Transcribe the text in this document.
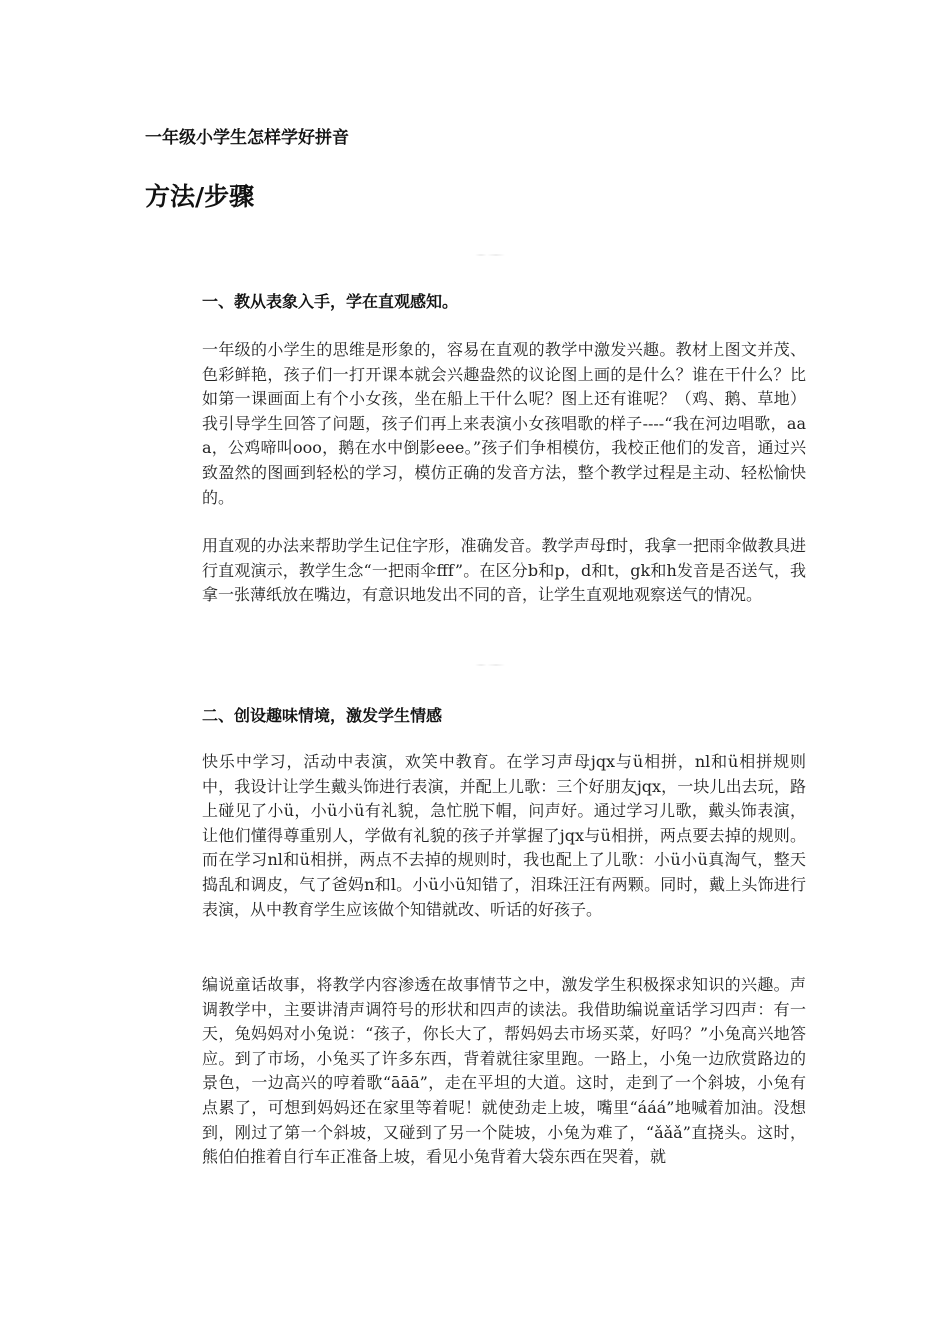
一年级小学生怎样学好拼音
方法/步骤
一、教从表象入手，学在直观感知。

一年级的小学生的思维是形象的，容易在直观的教学中激发兴趣。教材上图文并茂、色彩鲜艳，孩子们一打开课本就会兴趣盎然的议论图上画的是什么？谁在干什么？比如第一课画面上有个小女孩，坐在船上干什么呢？图上还有谁呢？（鸡、鹅、草地）我引导学生回答了问题，孩子们再上来表演小女孩唱歌的样子----“我在河边唱歌，aaa，公鸡啼叫ooo，鹅在水中倒影eee。”孩子们争相模仿，我校正他们的发音，通过兴致盈然的图画到轻松的学习，模仿正确的发音方法，整个教学过程是主动、轻松愉快的。

用直观的办法来帮助学生记住字形，准确发音。教学声母f时，我拿一把雨伞做教具进行直观演示，教学生念“一把雨伞fff”。在区分b和p，d和t，gk和h发音是否送气，我拿一张薄纸放在嘴边，有意识地发出不同的音，让学生直观地观察送气的情况。

二、创设趣味情境，激发学生情感

快乐中学习，活动中表演，欢笑中教育。在学习声母jqx与ü相拼，nl和ü相拼规则中，我设计让学生戴头饰进行表演，并配上儿歌：三个好朋友jqx，一块儿出去玩，路上碰见了小ü，小ü小ü有礼貌，急忙脱下帽，问声好。通过学习儿歌，戴头饰表演，让他们懂得尊重别人，学做有礼貌的孩子并掌握了jqx与ü相拼，两点要去掉的规则。而在学习nl和ü相拼，两点不去掉的规则时，我也配上了儿歌：小ü小ü真淘气，整天捣乱和调皮，气了爸妈n和l。小ü小ü知错了，泪珠汪汪有两颗。同时，戴上头饰进行表演，从中教育学生应该做个知错就改、听话的好孩子。

编说童话故事，将教学内容渗透在故事情节之中，激发学生积极探求知识的兴趣。声调教学中，主要讲清声调符号的形状和四声的读法。我借助编说童话学习四声：有一天，兔妈妈对小兔说：“孩子，你长大了，帮妈妈去市场买菜，好吗？”小兔高兴地答应。到了市场，小兔买了许多东西，背着就往家里跑。一路上，小兔一边欣赏路边的景色，一边高兴的哼着歌“āāā”，走在平坦的大道。这时，走到了一个斜坡，小兔有点累了，可想到妈妈还在家里等着呢！就使劲走上坡，嘴里“ááá”地喊着加油。没想到，刚过了第一个斜坡，又碰到了另一个陡坡，小兔为难了，“ǎǎǎ”直挠头。这时，熊伯伯推着自行车正准备上坡，看见小兔背着大袋东西在哭着，就
